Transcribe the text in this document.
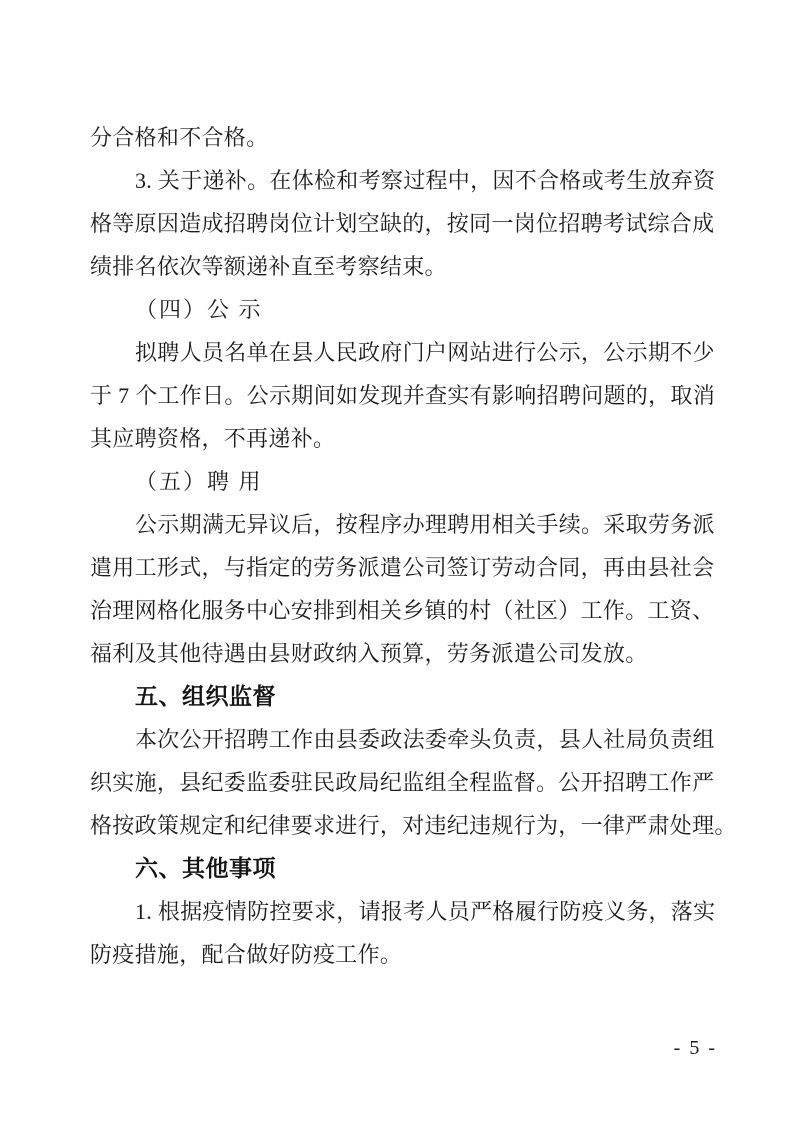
分合格和不合格。
3. 关于递补。在体检和考察过程中，因不合格或考生放弃资
格等原因造成招聘岗位计划空缺的，按同一岗位招聘考试综合成
绩排名依次等额递补直至考察结束。
（四）公 示
拟聘人员名单在县人民政府门户网站进行公示，公示期不少
于 7 个工作日。公示期间如发现并查实有影响招聘问题的，取消
其应聘资格，不再递补。
（五）聘 用
公示期满无异议后，按程序办理聘用相关手续。采取劳务派
遣用工形式，与指定的劳务派遣公司签订劳动合同，再由县社会
治理网格化服务中心安排到相关乡镇的村（社区）工作。工资、
福利及其他待遇由县财政纳入预算，劳务派遣公司发放。
五、组织监督
本次公开招聘工作由县委政法委牵头负责，县人社局负责组
织实施，县纪委监委驻民政局纪监组全程监督。公开招聘工作严
格按政策规定和纪律要求进行，对违纪违规行为，一律严肃处理。
六、其他事项
1. 根据疫情防控要求，请报考人员严格履行防疫义务，落实
防疫措施，配合做好防疫工作。
- 5 -
